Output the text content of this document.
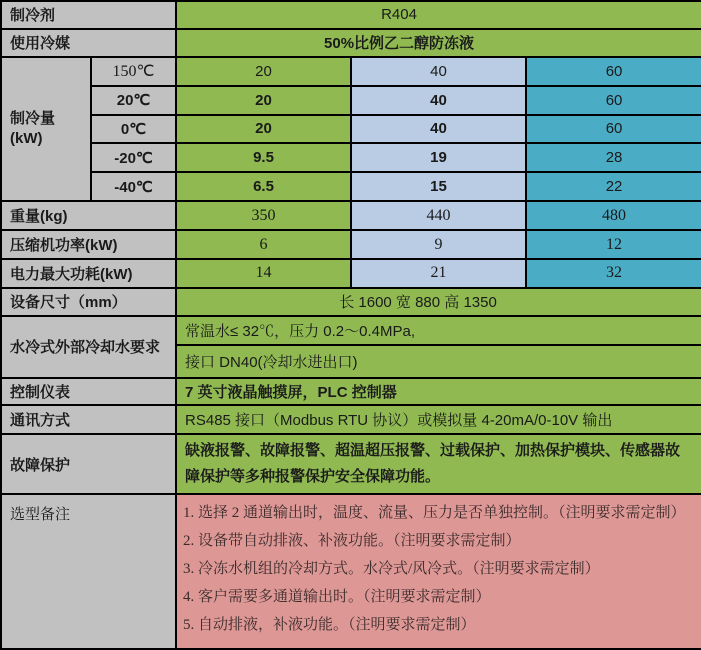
制冷剂		R404		
使用冷媒		50%比例乙二醇防冻液		

制冷量
(kW)	150℃	20	40	60
	20℃	20	40	60
	0℃	20	40	60
	-20℃	9.5	19	28
	-40℃	6.5	15	22
重量(kg)		350	440	480
压缩机功率(kW)		6	9	12
电力最大功耗(kW)		14	21	32
设备尺寸（mm）		长 1600 宽 880 高 1350		
水冷式外部冷却水要求		常温水≤ 32℃，压力 0.2～0.4MPa,		
		接口 DN40(冷却水进出口)		
控制仪表		7 英寸液晶触摸屏，PLC 控制器		
通讯方式		RS485 接口（Modbus RTU 协议）或模拟量 4-20mA/0-10V 输出		
故障保护		缺液报警、故障报警、超温超压报警、过载保护、加热保护模块、传感器故障保护等多种报警保护安全保障功能。		
选型备注		1. 选择 2 通道输出时，温度、流量、压力是否单独控制。（注明要求需定制）
2. 设备带自动排液、补液功能。（注明要求需定制）
3. 冷冻水机组的冷却方式。水冷式/风冷式。（注明要求需定制）
4. 客户需要多通道输出时。（注明要求需定制）
5. 自动排液，补液功能。（注明要求需定制）		
